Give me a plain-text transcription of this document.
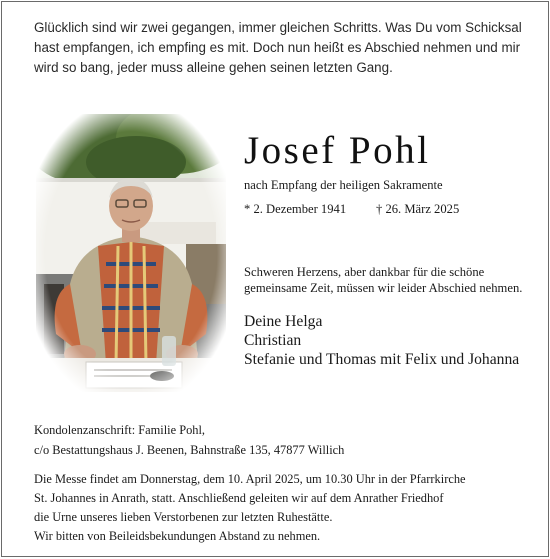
Glücklich sind wir zwei gegangen, immer gleichen Schritts. Was Du vom Schicksal
hast empfangen, ich empfing es mit. Doch nun heißt es Abschied nehmen und mir
wird so bang, jeder muss alleine gehen seinen letzten Gang.
Josef Pohl
nach Empfang der heiligen Sakramente
* 2. Dezember 1941 † 26. März 2025
Schweren Herzens, aber dankbar für die schöne
gemeinsame Zeit, müssen wir leider Abschied nehmen.
Deine Helga
Christian
Stefanie und Thomas mit Felix und Johanna
Kondolenzanschrift: Familie Pohl,
c/o Bestattungshaus J. Beenen, Bahnstraße 135, 47877 Willich
Die Messe findet am Donnerstag, dem 10. April 2025, um 10.30 Uhr in der Pfarrkirche
St. Johannes in Anrath, statt. Anschließend geleiten wir auf dem Anrather Friedhof
die Urne unseres lieben Verstorbenen zur letzten Ruhestätte.
Wir bitten von Beileidsbekundungen Abstand zu nehmen.
